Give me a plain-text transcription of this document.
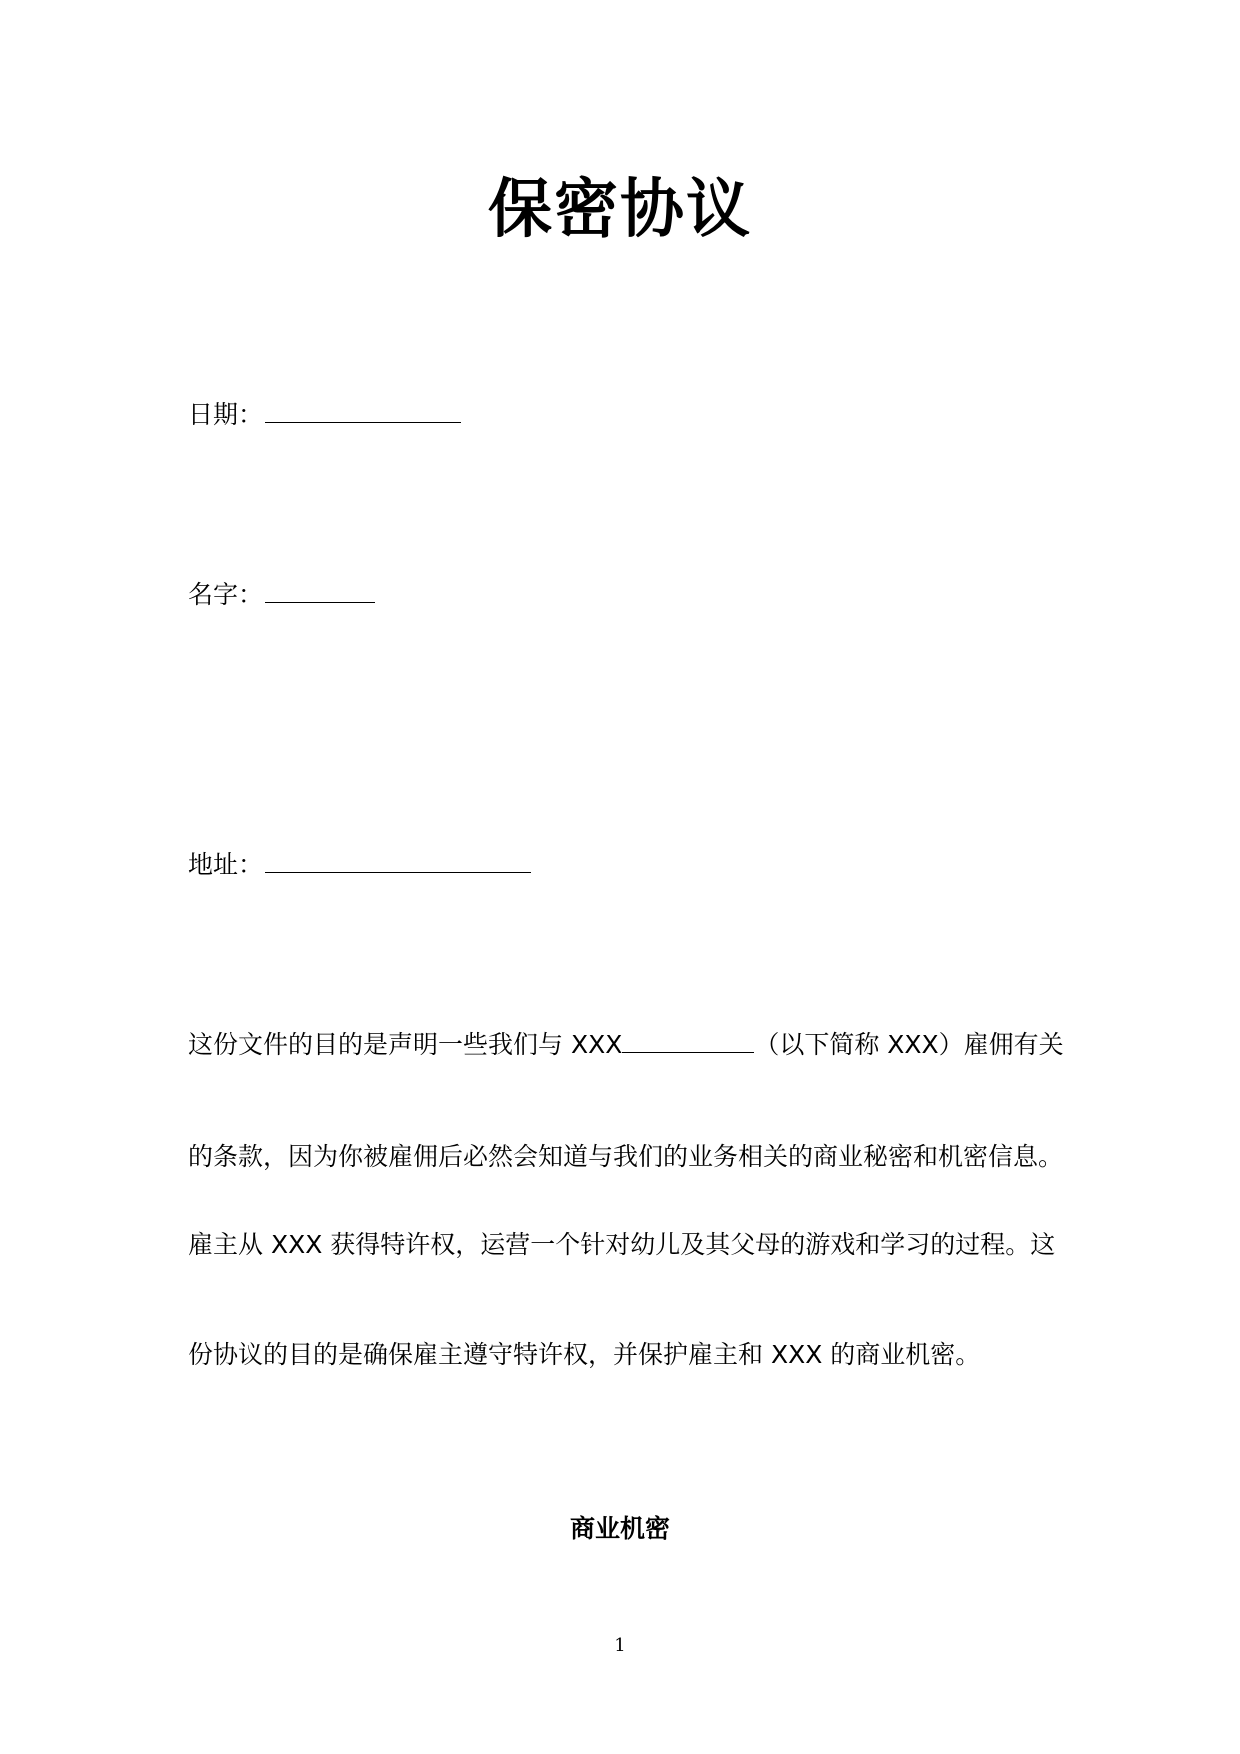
保密协议
日期：
名字：
地址：
这份文件的目的是声明一些我们与 XXX	（以下简称 XXX）雇佣有关
的条款，因为你被雇佣后必然会知道与我们的业务相关的商业秘密和机密信息。
雇主从 XXX 获得特许权，运营一个针对幼儿及其父母的游戏和学习的过程。这
份协议的目的是确保雇主遵守特许权，并保护雇主和 XXX 的商业机密。
商业机密
1
